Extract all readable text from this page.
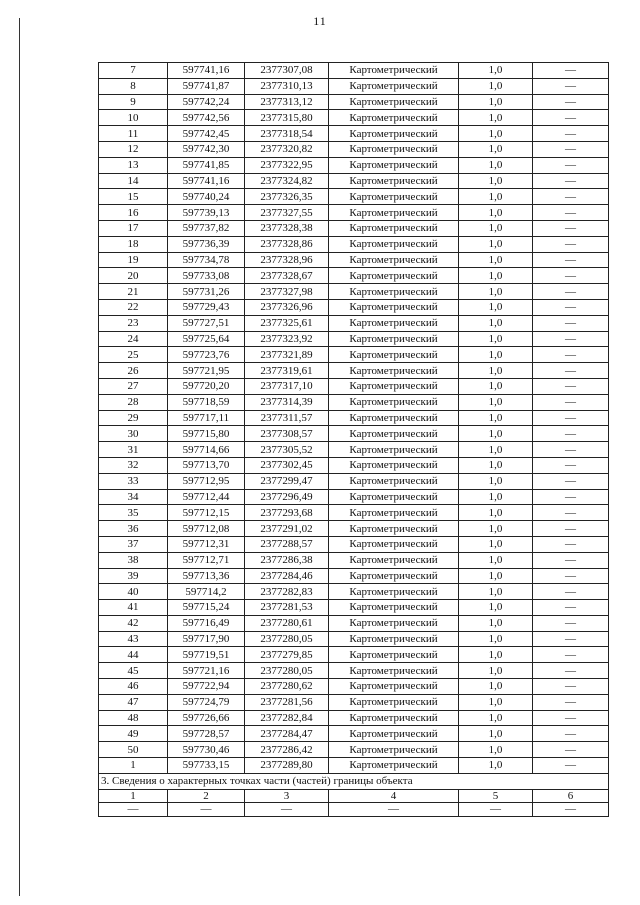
11
7	597741,16	2377307,08	Картометрический	1,0	—
8	597741,87	2377310,13	Картометрический	1,0	—
9	597742,24	2377313,12	Картометрический	1,0	—
10	597742,56	2377315,80	Картометрический	1,0	—
11	597742,45	2377318,54	Картометрический	1,0	—
12	597742,30	2377320,82	Картометрический	1,0	—
13	597741,85	2377322,95	Картометрический	1,0	—
14	597741,16	2377324,82	Картометрический	1,0	—
15	597740,24	2377326,35	Картометрический	1,0	—
16	597739,13	2377327,55	Картометрический	1,0	—
17	597737,82	2377328,38	Картометрический	1,0	—
18	597736,39	2377328,86	Картометрический	1,0	—
19	597734,78	2377328,96	Картометрический	1,0	—
20	597733,08	2377328,67	Картометрический	1,0	—
21	597731,26	2377327,98	Картометрический	1,0	—
22	597729,43	2377326,96	Картометрический	1,0	—
23	597727,51	2377325,61	Картометрический	1,0	—
24	597725,64	2377323,92	Картометрический	1,0	—
25	597723,76	2377321,89	Картометрический	1,0	—
26	597721,95	2377319,61	Картометрический	1,0	—
27	597720,20	2377317,10	Картометрический	1,0	—
28	597718,59	2377314,39	Картометрический	1,0	—
29	597717,11	2377311,57	Картометрический	1,0	—
30	597715,80	2377308,57	Картометрический	1,0	—
31	597714,66	2377305,52	Картометрический	1,0	—
32	597713,70	2377302,45	Картометрический	1,0	—
33	597712,95	2377299,47	Картометрический	1,0	—
34	597712,44	2377296,49	Картометрический	1,0	—
35	597712,15	2377293,68	Картометрический	1,0	—
36	597712,08	2377291,02	Картометрический	1,0	—
37	597712,31	2377288,57	Картометрический	1,0	—
38	597712,71	2377286,38	Картометрический	1,0	—
39	597713,36	2377284,46	Картометрический	1,0	—
40	597714,2	2377282,83	Картометрический	1,0	—
41	597715,24	2377281,53	Картометрический	1,0	—
42	597716,49	2377280,61	Картометрический	1,0	—
43	597717,90	2377280,05	Картометрический	1,0	—
44	597719,51	2377279,85	Картометрический	1,0	—
45	597721,16	2377280,05	Картометрический	1,0	—
46	597722,94	2377280,62	Картометрический	1,0	—
47	597724,79	2377281,56	Картометрический	1,0	—
48	597726,66	2377282,84	Картометрический	1,0	—
49	597728,57	2377284,47	Картометрический	1,0	—
50	597730,46	2377286,42	Картометрический	1,0	—
1	597733,15	2377289,80	Картометрический	1,0	—
3. Сведения о характерных точках части (частей) границы объекта					
1	2	3	4	5	6
—	—	—	—	—	—
